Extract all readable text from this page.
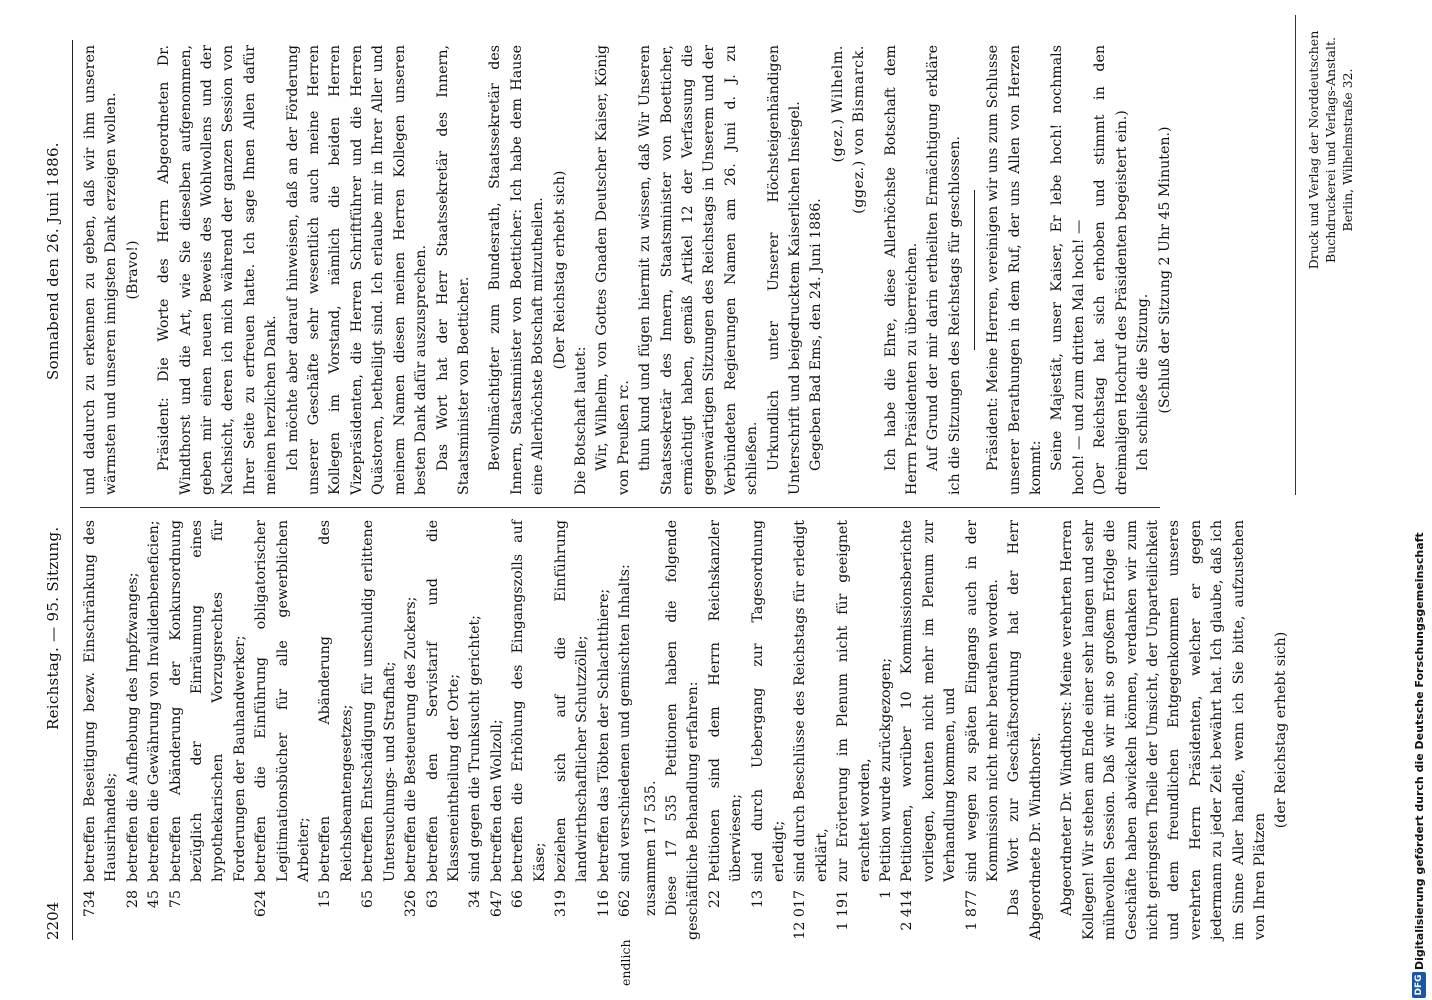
2204
Reichstag. — 95. Sitzung.
Sonnabend den 26. Juni 1886.
734
betreffen Beseitigung bezw. Einschränkung des Hausirhandels;
28
betreffen die Aufhebung des Impfzwanges;
45
betreffen die Gewährung von Invalidenbeneficien;
75
betreffen Abänderung der Konkursordnung bezüglich der Einräumung eines hypothekarischen Vorzugsrechtes für Forderungen der Bauhandwerker;
624
betreffen die Einführung obligatorischer Legitimationsbücher für alle gewerblichen Arbeiter;
15
betreffen Abänderung des Reichsbeamtengesetzes;
65
betreffen Entschädigung für unschuldig erlittene Untersuchungs- und Strafhaft;
326
betreffen die Besteuerung des Zuckers;
63
betreffen den Servistarif und die Klasseneintheilung der Orte;
34
sind gegen die Trunksucht gerichtet;
647
betreffen den Wollzoll;
66
betreffen die Erhöhung des Eingangszolls auf Käse;
319
beziehen sich auf die Einführung landwirthschaftlicher Schutzzölle;
116
betreffen das Töbten der Schlachtthiere;
662
endlich
sind verschiedenen und gemischten Inhalts: zusammen 17 535. Diese 17 535 Petitionen haben die folgende geschäftliche Behandlung erfahren: 22
Petitionen sind dem Herrn Reichskanzler überwiesen;
13
sind durch Uebergang zur Tagesordnung erledigt;
12 017
sind durch Beschlüsse des Reichstags für erledigt erklärt,
1 191
zur Erörterung im Plenum nicht für geeignet erachtet worden,
1
Petition wurde zurückgezogen;
2 414
Petitionen, worüber 10 Kommissionsberichte vorliegen, konnten nicht mehr im Plenum zur Verhandlung kommen, und
1 877
sind wegen zu späten Eingangs auch in der Kommission nicht mehr berathen worden. Das Wort zur Geschäftsordnung hat der Herr Abgeordnete Dr. Windthorst. Abgeordneter Dr. Windthorst: Meine verehrten Herren Kollegen! Wir stehen am Ende einer sehr langen und sehr mühevollen Session. Daß wir mit so großem Erfolge die Geschäfte haben abwickeln können, verdanken wir zum nicht geringsten Theile der Umsicht, der Unparteilichkeit und dem freundlichen Entgegenkommen unseres verehrten Herrn Präsidenten, welcher er gegen jedermann zu jeder Zeit bewährt hat. Ich glaube, daß ich im Sinne Aller handle, wenn ich Sie bitte, aufzustehen von Ihren Plätzen

(der Reichstag erhebt sich)

und dadurch zu erkennen zu geben, daß wir ihm unseren wärmsten und unseren innigsten Dank erzeigen wollen. (Bravo!) Präsident: Die Worte des Herrn Abgeordneten Dr. Windthorst und die Art, wie Sie dieselben aufgenommen, geben mir einen neuen Beweis des Wohlwollens und der Nachsicht, deren ich mich während der ganzen Session von Ihrer Seite zu erfreuen hatte. Ich sage Ihnen Allen dafür meinen herzlichen Dank. Ich möchte aber darauf hinweisen, daß an der Förderung unserer Geschäfte sehr wesentlich auch meine Herren Kollegen im Vorstand, nämlich die beiden Herren Vizepräsidenten, die Herren Schriftführer und die Herren Quästoren, betheiligt sind. Ich erlaube mir in Ihrer Aller und meinem Namen diesen meinen Herren Kollegen unseren besten Dank dafür auszusprechen. Das Wort hat der Herr Staatssekretär des Innern, Staatsminister von Boetticher. Bevollmächtigter zum Bundesrath, Staatssekretär des Innern, Staatsminister von Boetticher: Ich habe dem Hause eine Allerhöchste Botschaft mitzutheilen. (Der Reichstag erhebt sich)

Die Botschaft lautet: Wir, Wilhelm, von Gottes Gnaden Deutscher Kaiser, König von Preußen rc. thun kund und fügen hiermit zu wissen, daß Wir Unseren Staatssekretär des Innern, Staatsminister von Boetticher, ermächtigt haben, gemäß Artikel 12 der Verfassung die gegenwärtigen Sitzungen des Reichstags in Unserem und der Verbündeten Regierungen Namen am 26. Juni d. J. zu schließen. Urkundlich unter Unserer Höchsteigenhändigen Unterschrift und beigedrucktem Kaiserlichen Insiegel. Gegeben Bad Ems, den 24. Juni 1886.

(gez.) Wilhelm. (ggez.) von Bismarck. Ich habe die Ehre, diese Allerhöchste Botschaft dem Herrn Präsidenten zu überreichen. Auf Grund der mir darin ertheilten Ermächtigung erkläre ich die Sitzungen des Reichstags für geschlossen. Präsident: Meine Herren, vereinigen wir uns zum Schlusse unserer Berathungen in dem Ruf, der uns Allen von Herzen kommt: Seine Majestät, unser Kaiser, Er lebe hoch! nochmals hoch! — und zum dritten Mal hoch! — (Der Reichstag hat sich erhoben und stimmt in den dreimaligen Hochruf des Präsidenten begeistert ein.) Ich schließe die Sitzung. (Schluß der Sitzung 2 Uhr 45 Minuten.)	Druck und Verlag der Norddeutschen Buchdruckerei und Verlags-Anstalt. Berlin, Wilhelmstraße 32.
DFG
Digitalisierung gefördert durch die Deutsche Forschungsgemeinschaft
